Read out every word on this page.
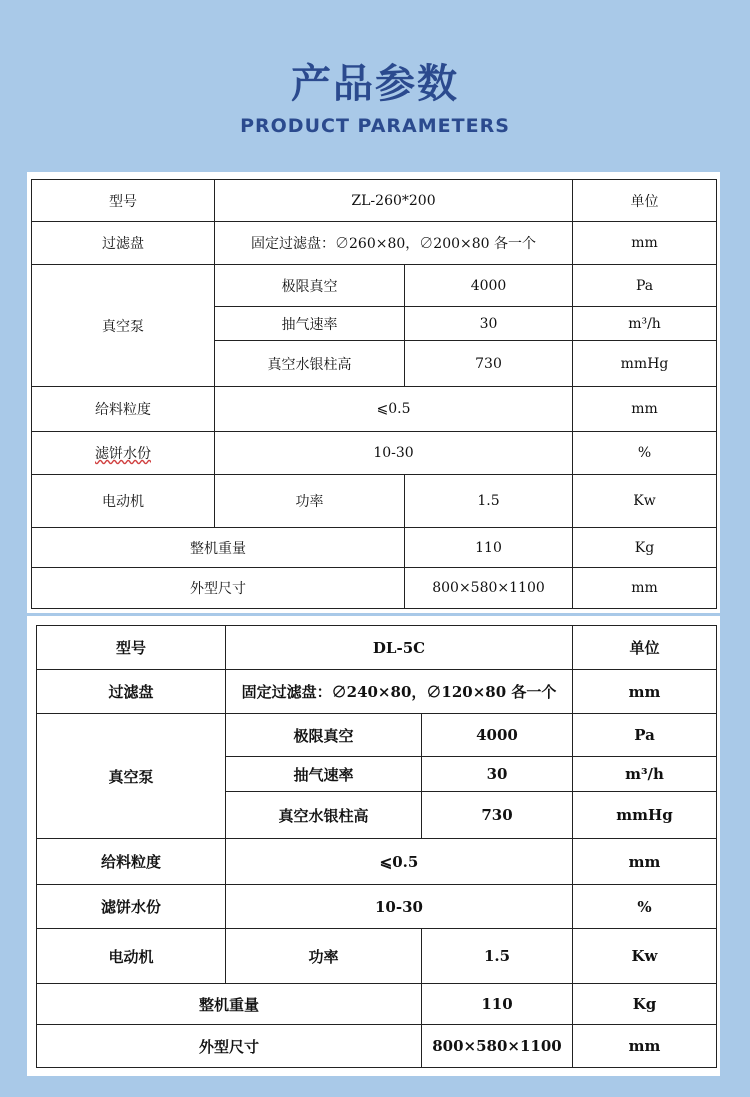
产品参数
PRODUCT PARAMETERS
型号	ZL-260*200		单位
过滤盘	固定过滤盘：∅260×80，∅200×80 各一个		mm
真空泵	极限真空	4000	Pa
	抽气速率	30	m³/h
	真空水银柱高	730	mmHg
给料粒度	⩽0.5		mm
滤饼水份	10-30		%
电动机	功率	1.5	Kw
整机重量		110	Kg
外型尺寸		800×580×1100	mm
型号	DL-5C		单位
过滤盘	固定过滤盘：∅240×80，∅120×80 各一个		mm
真空泵	极限真空	4000	Pa
	抽气速率	30	m³/h
	真空水银柱高	730	mmHg
给料粒度	⩽0.5		mm
滤饼水份	10-30		%
电动机	功率	1.5	Kw
整机重量		110	Kg
外型尺寸		800×580×1100	mm
